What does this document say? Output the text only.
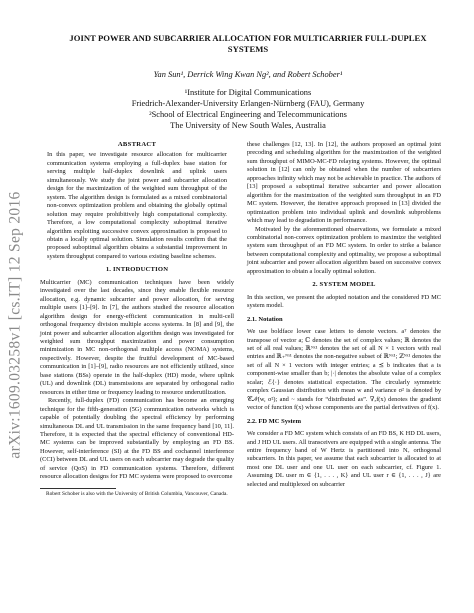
arXiv:1609.03258v1 [cs.IT] 12 Sep 2016
JOINT POWER AND SUBCARRIER ALLOCATION FOR MULTICARRIER FULL-DUPLEX
SYSTEMS
Yan Sun¹, Derrick Wing Kwan Ng², and Robert Schober¹
¹Institute for Digital Communications
Friedrich-Alexander-University Erlangen-Nürnberg (FAU), Germany
²School of Electrical Engineering and Telecommunications
The University of New South Wales, Australia
ABSTRACT
In this paper, we investigate resource allocation for multicarrier communication systems employing a full-duplex base station for serving multiple half-duplex downlink and uplink users simultaneously. We study the joint power and subcarrier allocation design for the maximization of the weighted sum throughput of the system. The algorithm design is formulated as a mixed combinatorial non-convex optimization problem and obtaining the globally optimal solution may require prohibitively high computational complexity. Therefore, a low computational complexity suboptimal iterative algorithm exploiting successive convex approximation is proposed to obtain a locally optimal solution. Simulation results confirm that the proposed suboptimal algorithm obtains a substantial improvement in system throughput compared to various existing baseline schemes.
1. INTRODUCTION
Multicarrier (MC) communication techniques have been widely investigated over the last decades, since they enable flexible resource allocation, e.g. dynamic subcarrier and power allocation, for serving multiple users [1]–[9]. In [7], the authors studied the resource allocation algorithm design for energy-efficient communication in multi-cell orthogonal frequency division multiple access systems. In [8] and [9], the joint power and subcarrier allocation algorithm design was investigated for weighted sum throughput maximization and power consumption minimization in MC non-orthogonal multiple access (NOMA) systems, respectively. However, despite the fruitful development of MC-based communication in [1]–[9], radio resources are not efficiently utilized, since base stations (BSs) operate in the half-duplex (HD) mode, where uplink (UL) and downlink (DL) transmissions are separated by orthogonal radio resources in either time or frequency leading to resource underutilization.
Recently, full-duplex (FD) communication has become an emerging technique for the fifth-generation (5G) communication networks which is capable of potentially doubling the spectral efficiency by performing simultaneous DL and UL transmission in the same frequency band [10, 11]. Therefore, it is expected that the spectral efficiency of conventional HD-MC systems can be improved substantially by employing an FD BS. However, self-interference (SI) at the FD BS and cochannel interference (CCI) between DL and UL users on each subcarrier may degrade the quality of service (QoS) in FD communication systems. Therefore, different resource allocation designs for FD MC systems were proposed to overcome
Robert Schober is also with the University of British Columbia, Vancouver, Canada.
these challenges [12, 13]. In [12], the authors proposed an optimal joint precoding and scheduling algorithm for the maximization of the weighted sum throughput of MIMO-MC-FD relaying systems. However, the optimal solution in [12] can only be obtained when the number of subcarriers approaches infinity which may not be achievable in practice. The authors of [13] proposed a suboptimal iterative subcarrier and power allocation algorithm for the maximization of the weighted sum throughput in an FD MC system. However, the iterative approach proposed in [13] divided the optimization problem into individual uplink and downlink subproblems which may lead to degradation in performance.
Motivated by the aforementioned observations, we formulate a mixed combinatorial non-convex optimization problem to maximize the weighted system sum throughput of an FD MC system. In order to strike a balance between computational complexity and optimality, we propose a suboptimal joint subcarrier and power allocation algorithm based on successive convex approximation to obtain a locally optimal solution.
2. SYSTEM MODEL
In this section, we present the adopted notation and the considered FD MC system model.
2.1. Notation
We use boldface lower case letters to denote vectors. aᵀ denotes the transpose of vector a; ℂ denotes the set of complex values; ℝ denotes the set of all real values; ℝᴺˣ¹ denotes the set of all N × 1 vectors with real entries and ℝ₊ᴺˣ¹ denotes the non-negative subset of ℝᴺˣ¹; ℤᴺˣ¹ denotes the set of all N × 1 vectors with integer entries; a ⪯ b indicates that a is component-wise smaller than b; |·| denotes the absolute value of a complex scalar; ℰ{·} denotes statistical expectation. The circularly symmetric complex Gaussian distribution with mean w and variance σ² is denoted by 𝒞𝒩(w, σ²); and ~ stands for “distributed as”. ∇ₓf(x) denotes the gradient vector of function f(x) whose components are the partial derivatives of f(x).
2.2. FD MC System
We consider a FD MC system which consists of an FD BS, K HD DL users, and J HD UL users. All transceivers are equipped with a single antenna. The entire frequency band of W Hertz is partitioned into Nᵥ orthogonal subcarriers. In this paper, we assume that each subcarrier is allocated to at most one DL user and one UL user on each subcarrier, cf. Figure 1. Assuming DL user m ∈ {1, . . . , K} and UL user r ∈ {1, . . . , J} are selected and multiplexed on subcarrier
